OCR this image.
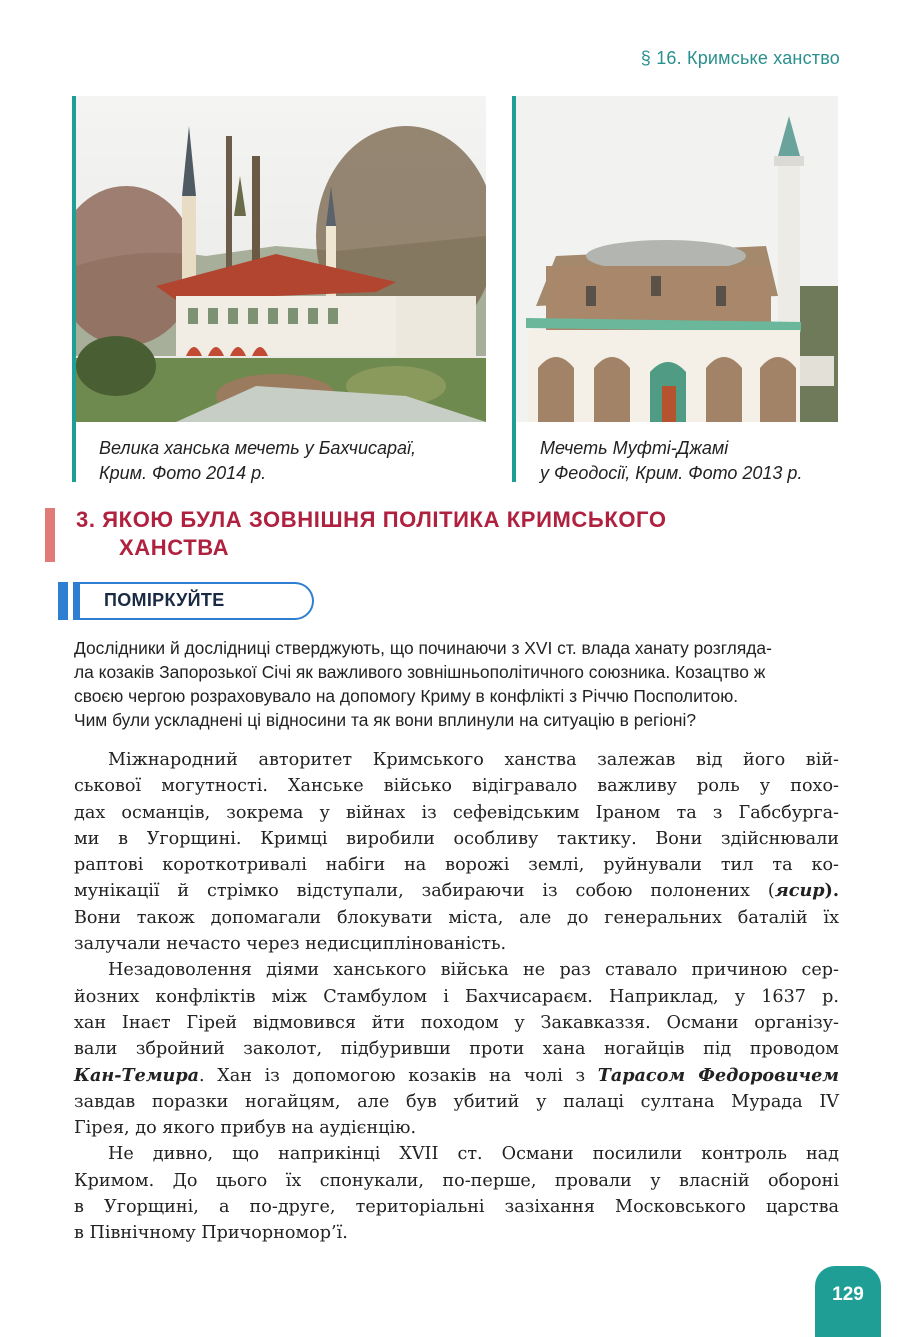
§ 16. Кримське ханство
Велика ханська мечеть у Бахчисараї,
Крим. Фото 2014 р.
Мечеть Муфті-Джамі
у Феодосії, Крим. Фото 2013 р.
3. ЯКОЮ БУЛА ЗОВНІШНЯ ПОЛІТИКА КРИМСЬКОГО
ХАНСТВА
ПОМІРКУЙТЕ
Дослідники й дослідниці стверджують, що починаючи з XVI ст. влада ханату розгляда-
ла козаків Запорозької Січі як важливого зовнішньополітичного союзника. Козацтво ж
своєю чергою розраховувало на допомогу Криму в конфлікті з Річчю Посполитою.
Чим були ускладнені ці відносини та як вони вплинули на ситуацію в регіоні?
Міжнародний авторитет Кримського ханства залежав від його вій-
ськової могутності. Ханське військо відігравало важливу роль у похо-
дах османців, зокрема у війнах із сефевідським Іраном та з Габсбурга-
ми в Угорщині. Кримці виробили особливу тактику. Вони здійснювали
раптові короткотривалі набіги на ворожі землі, руйнували тил та ко-
мунікації й стрімко відступали, забираючи із собою полонених (ясир).
Вони також допомагали блокувати міста, але до генеральних баталій їх
залучали нечасто через недисциплінованість.
Незадоволення діями ханського війська не раз ставало причиною сер-
йозних конфліктів між Стамбулом і Бахчисараєм. Наприклад, у 1637 р.
хан Інаєт Гірей відмовився йти походом у Закавказзя. Османи організу-
вали збройний заколот, підбуривши проти хана ногайців під проводом
Кан-Темира. Хан із допомогою козаків на чолі з Тарасом Федоровичем
завдав поразки ногайцям, але був убитий у палаці султана Мурада IV
Гірея, до якого прибув на аудієнцію.
Не дивно, що наприкінці XVII ст. Османи посилили контроль над
Кримом. До цього їх спонукали, по-перше, провали у власній обороні
в Угорщині, а по-друге, територіальні зазіхання Московського царства
в Північному Причорномор’ї.
129
